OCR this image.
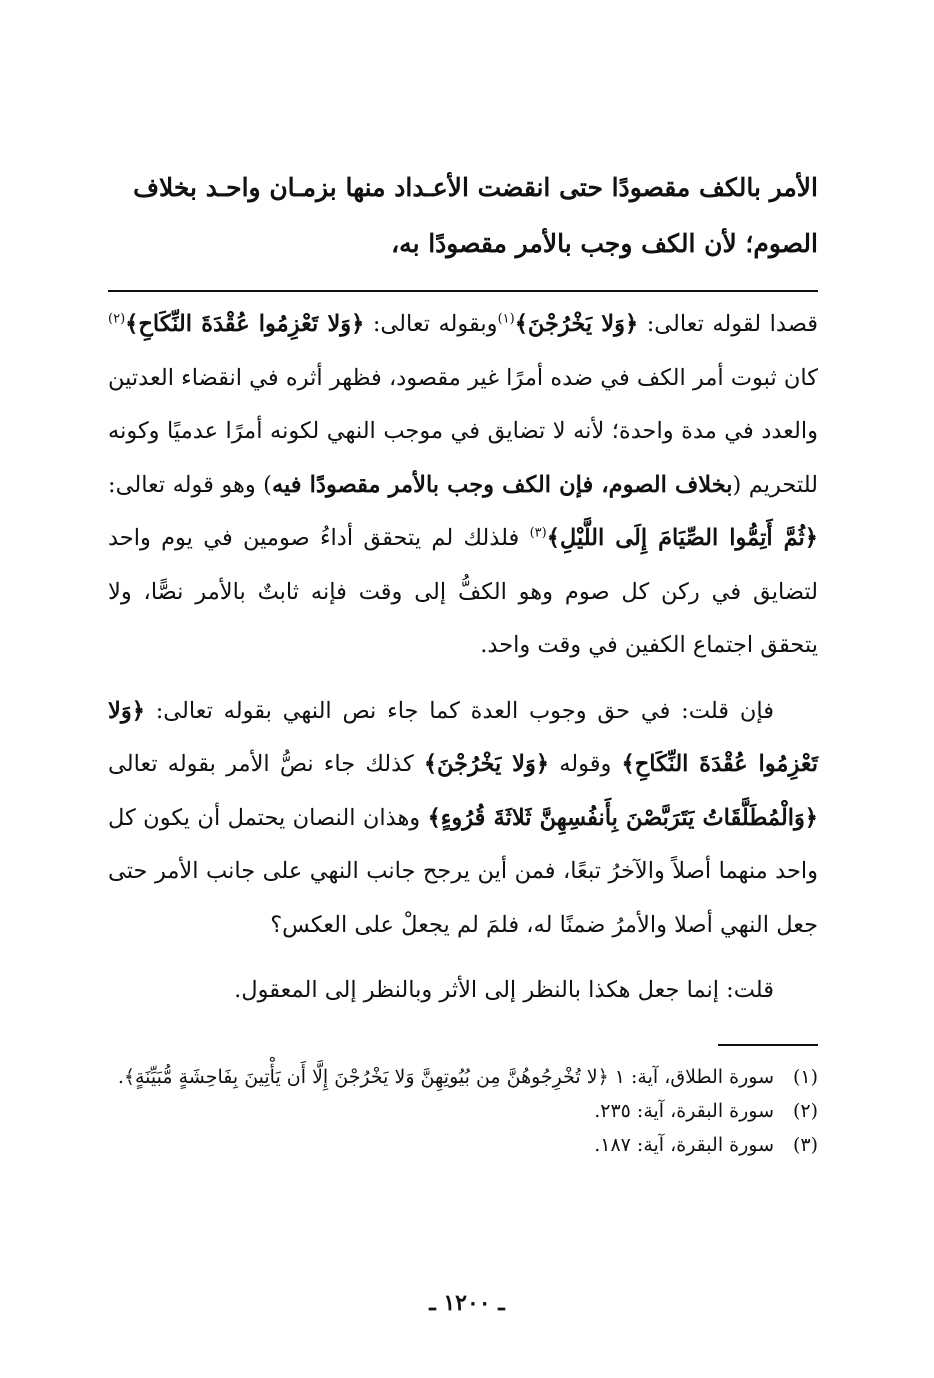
الأمر بالكف مقصودًا حتى انقضت الأعـداد منها بزمـان واحـد بخلاف
الصوم؛ لأن الكف وجب بالأمر مقصودًا به،

قصدا لقوله تعالى: ﴿وَلا يَخْرُجْنَ﴾$^{(١)}$وبقوله تعالى: ﴿وَلا تَعْزِمُوا عُقْدَةَ النِّكَاحِ﴾$^{(٢)}$ كان ثبوت أمر الكف في ضده أمرًا غير مقصود، فظهر أثره في انقضاء العدتين والعدد في مدة واحدة؛ لأنه لا تضايق في موجب النهي لكونه أمرًا عدميًا وكونه للتحريم (بخلاف الصوم، فإن الكف وجب بالأمر مقصودًا فيه) وهو قوله تعالى: ﴿ثُمَّ أَتِمُّوا الصِّيَامَ إِلَى اللَّيْلِ﴾$^{(٣)}$ فلذلك لم يتحقق أداءُ صومين في يوم واحد لتضايق في ركن كل صوم وهو الكفُّ إلى وقت فإنه ثابتٌ بالأمر نصًّا، ولا يتحقق اجتماع الكفين في وقت واحد.

فإن قلت: في حق وجوب العدة كما جاء نص النهي بقوله تعالى: ﴿وَلا تَعْزِمُوا عُقْدَةَ النِّكَاحِ﴾ وقوله ﴿وَلا يَخْرُجْنَ﴾ كذلك جاء نصُّ الأمر بقوله تعالى ﴿وَالْمُطَلَّقَاتُ يَتَرَبَّصْنَ بِأَنفُسِهِنَّ ثَلاثَةَ قُرُوءٍ﴾ وهذان النصان يحتمل أن يكون كل واحد منهما أصلاً والآخرُ تبعًا، فمن أين يرجح جانب النهي على جانب الأمر حتى جعل النهي أصلا والأمرُ ضمنًا له، فلمَ لم يجعلْ على العكس؟

قلت: إنما جعل هكذا بالنظر إلى الأثر وبالنظر إلى المعقول.

(١)
سورة الطلاق، آية: ١ ﴿لا تُخْرِجُوهُنَّ مِن بُيُوتِهِنَّ وَلا يَخْرُجْنَ إِلَّا أَن يَأْتِينَ بِفَاحِشَةٍ مُّبَيِّنَةٍ﴾.
(٢)
سورة البقرة، آية: ٢٣٥.
(٣)
سورة البقرة، آية: ١٨٧.
ـ ١٢٠٠ ـ
